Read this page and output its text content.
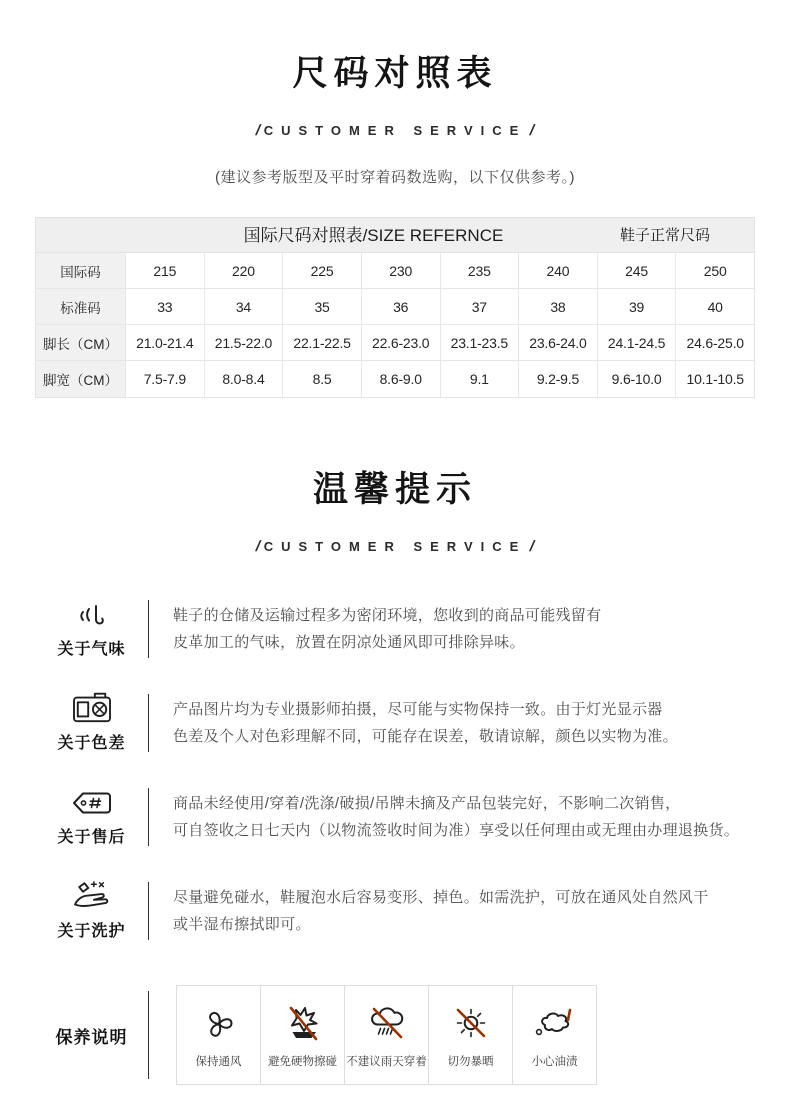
尺码对照表
/ CUSTOMER SERVICE /
(建议参考版型及平时穿着码数选购，以下仅供参考。)
国际尺码对照表/SIZE REFERNCE	鞋子正常尺码
国际码	215	220	225	230	235	240	245	250
标准码	33	34	35	36	37	38	39	40
脚长（CM）	21.0-21.4	21.5-22.0	22.1-22.5	22.6-23.0	23.1-23.5	23.6-24.0	24.1-24.5	24.6-25.0
脚宽（CM）	7.5-7.9	8.0-8.4	8.5	8.6-9.0	9.1	9.2-9.5	9.6-10.0	10.1-10.5
温馨提示
/ CUSTOMER SERVICE /
关于气味
鞋子的仓储及运输过程多为密闭环境，您收到的商品可能残留有
皮革加工的气味，放置在阴凉处通风即可排除异味。
关于色差
产品图片均为专业摄影师拍摄，尽可能与实物保持一致。由于灯光显示器
色差及个人对色彩理解不同，可能存在误差，敬请谅解，颜色以实物为准。
关于售后
商品未经使用/穿着/洗涤/破损/吊牌未摘及产品包装完好，不影响二次销售，
可自签收之日七天内（以物流签收时间为准）享受以任何理由或无理由办理退换货。
关于洗护
尽量避免碰水，鞋履泡水后容易变形、掉色。如需洗护，可放在通风处自然风干
或半湿布擦拭即可。
保养说明
保持通风 避免硬物擦碰 不建议雨天穿着 切勿暴晒	小心油渍
